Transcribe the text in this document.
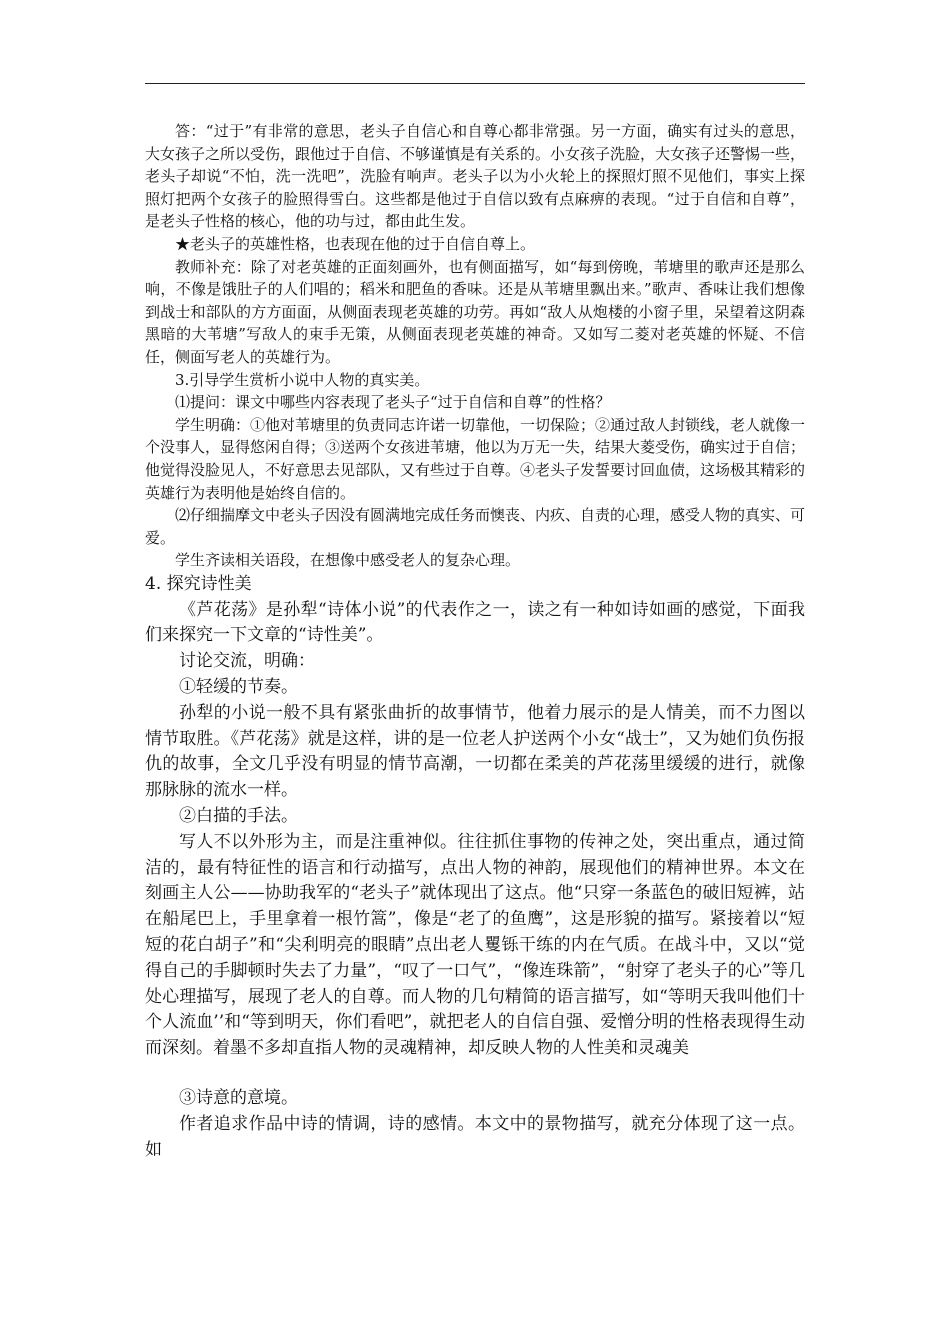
答：“过于”有非常的意思，老头子自信心和自尊心都非常强。另一方面，确实有过头的意思，大女孩子之所以受伤，跟他过于自信、不够谨慎是有关系的。小女孩子洗脸，大女孩子还警惕一些，老头子却说“不怕，洗一洗吧”，洗脸有响声。老头子以为小火轮上的探照灯照不见他们，事实上探照灯把两个女孩子的脸照得雪白。这些都是他过于自信以致有点麻痹的表现。“过于自信和自尊”，是老头子性格的核心，他的功与过，都由此生发。

★老头子的英雄性格，也表现在他的过于自信自尊上。

教师补充：除了对老英雄的正面刻画外，也有侧面描写，如“每到傍晚，苇塘里的歌声还是那么响，不像是饿肚子的人们唱的；稻米和肥鱼的香味。还是从苇塘里飘出来。”歌声、香味让我们想像到战士和部队的方方面面，从侧面表现老英雄的功劳。再如“敌人从炮楼的小窗子里，呆望着这阴森黑暗的大苇塘”写敌人的束手无策，从侧面表现老英雄的神奇。又如写二菱对老英雄的怀疑、不信任，侧面写老人的英雄行为。

3.引导学生赏析小说中人物的真实美。

⑴提问：课文中哪些内容表现了老头子“过于自信和自尊”的性格？

学生明确：①他对苇塘里的负责同志许诺一切靠他，一切保险；②通过敌人封锁线，老人就像一个没事人，显得悠闲自得；③送两个女孩进苇塘，他以为万无一失，结果大菱受伤，确实过于自信；他觉得没脸见人，不好意思去见部队，又有些过于自尊。④老头子发誓要讨回血债，这场极其精彩的英雄行为表明他是始终自信的。

⑵仔细揣摩文中老头子因没有圆满地完成任务而懊丧、内疚、自责的心理，感受人物的真实、可爱。

学生齐读相关语段，在想像中感受老人的复杂心理。

4. 探究诗性美

《芦花荡》是孙犁“诗体小说”的代表作之一，读之有一种如诗如画的感觉，下面我们来探究一下文章的“诗性美”。

讨论交流，明确：

①轻缓的节奏。

孙犁的小说一般不具有紧张曲折的故事情节，他着力展示的是人情美，而不力图以情节取胜。《芦花荡》就是这样，讲的是一位老人护送两个小女“战士”，又为她们负伤报仇的故事，全文几乎没有明显的情节高潮，一切都在柔美的芦花荡里缓缓的进行，就像那脉脉的流水一样。

②白描的手法。

写人不以外形为主，而是注重神似。往往抓住事物的传神之处，突出重点，通过简洁的，最有特征性的语言和行动描写，点出人物的神韵，展现他们的精神世界。本文在刻画主人公——协助我军的“老头子”就体现出了这点。他“只穿一条蓝色的破旧短裤，站在船尾巴上，手里拿着一根竹篙”，像是“老了的鱼鹰”，这是形貌的描写。紧接着以“短短的花白胡子”和“尖利明亮的眼睛”点出老人矍铄干练的内在气质。在战斗中，又以“觉得自己的手脚顿时失去了力量”，“叹了一口气”，“像连珠箭”，“射穿了老头子的心”等几处心理描写，展现了老人的自尊。而人物的几句精简的语言描写，如“等明天我叫他们十个人流血’’和“等到明天，你们看吧”，就把老人的自信自强、爱憎分明的性格表现得生动而深刻。着墨不多却直指人物的灵魂精神，却反映人物的人性美和灵魂美

③诗意的意境。

作者追求作品中诗的情调，诗的感情。本文中的景物描写，就充分体现了这一点。如
